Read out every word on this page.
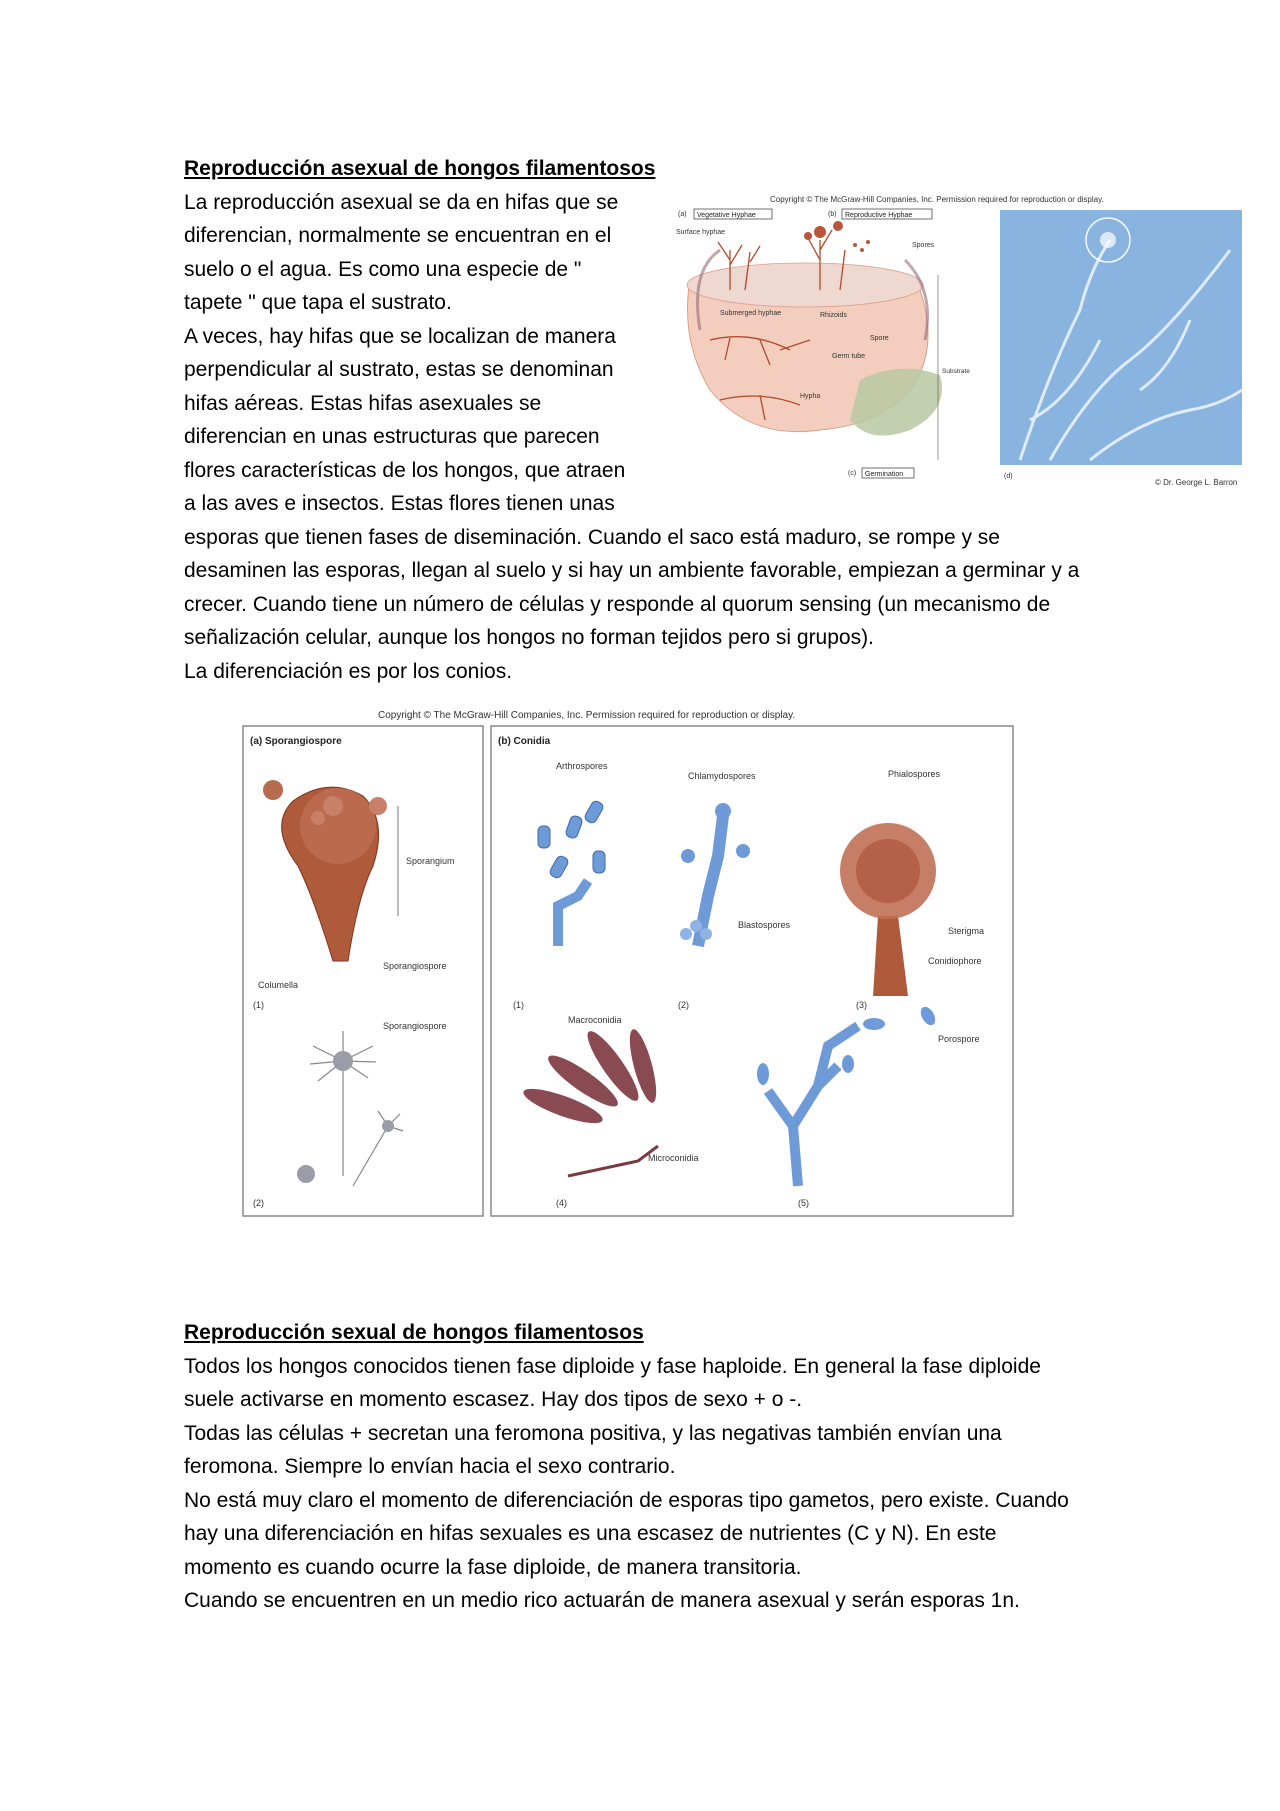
Reproducción asexual de hongos filamentosos

La reproducción asexual se da en hifas que se

diferencian, normalmente se encuentran en el

suelo o el agua. Es como una especie de "

tapete " que tapa el sustrato.

A veces, hay hifas que se localizan de manera

perpendicular al sustrato, estas se denominan

hifas aéreas. Estas hifas asexuales se

diferencian en unas estructuras que parecen

flores características de los hongos, que atraen

a las aves e insectos. Estas flores tienen unas

esporas que tienen fases de diseminación. Cuando el saco está maduro, se rompe y se

desaminen las esporas, llegan al suelo y si hay un ambiente favorable, empiezan a germinar y a

crecer. Cuando tiene un número de células y responde al quorum sensing (un mecanismo de

señalización celular, aunque los hongos no forman tejidos pero si grupos).

La diferenciación es por los conios.

Copyright © The McGraw-Hill Companies, Inc. Permission required for reproduction or display.
(a) Vegetative Hyphae	(b) Reproductive Hyphae
Surface hyphae
Submerged hyphae	Rhizoids
Spores
Spore
Germ tube
Hypha
Substrate
(c) Germination	(d)
© Dr. George L. Barron
Copyright © The McGraw-Hill Companies, Inc. Permission required for reproduction or display.
(a) Sporangiospore	(b) Conidia
Sporangium
Sporangiospore
Columella
(1)
Sporangiospore
(2)
Arthrospores
(1)
Chlamydospores
Blastospores
(2)
Phialospores
Sterigma
Conidiophore
(3)
Macroconidia
Microconidia
(4)
Porospore
(5)

Reproducción sexual de hongos filamentosos

Todos los hongos conocidos tienen fase diploide y fase haploide. En general la fase diploide

suele activarse en momento escasez. Hay dos tipos de sexo + o -.

Todas las células + secretan una feromona positiva, y las negativas también envían una

feromona. Siempre lo envían hacia el sexo contrario.

No está muy claro el momento de diferenciación de esporas tipo gametos, pero existe. Cuando

hay una diferenciación en hifas sexuales es una escasez de nutrientes (C y N). En este

momento es cuando ocurre la fase diploide, de manera transitoria.

Cuando se encuentren en un medio rico actuarán de manera asexual y serán esporas 1n.
